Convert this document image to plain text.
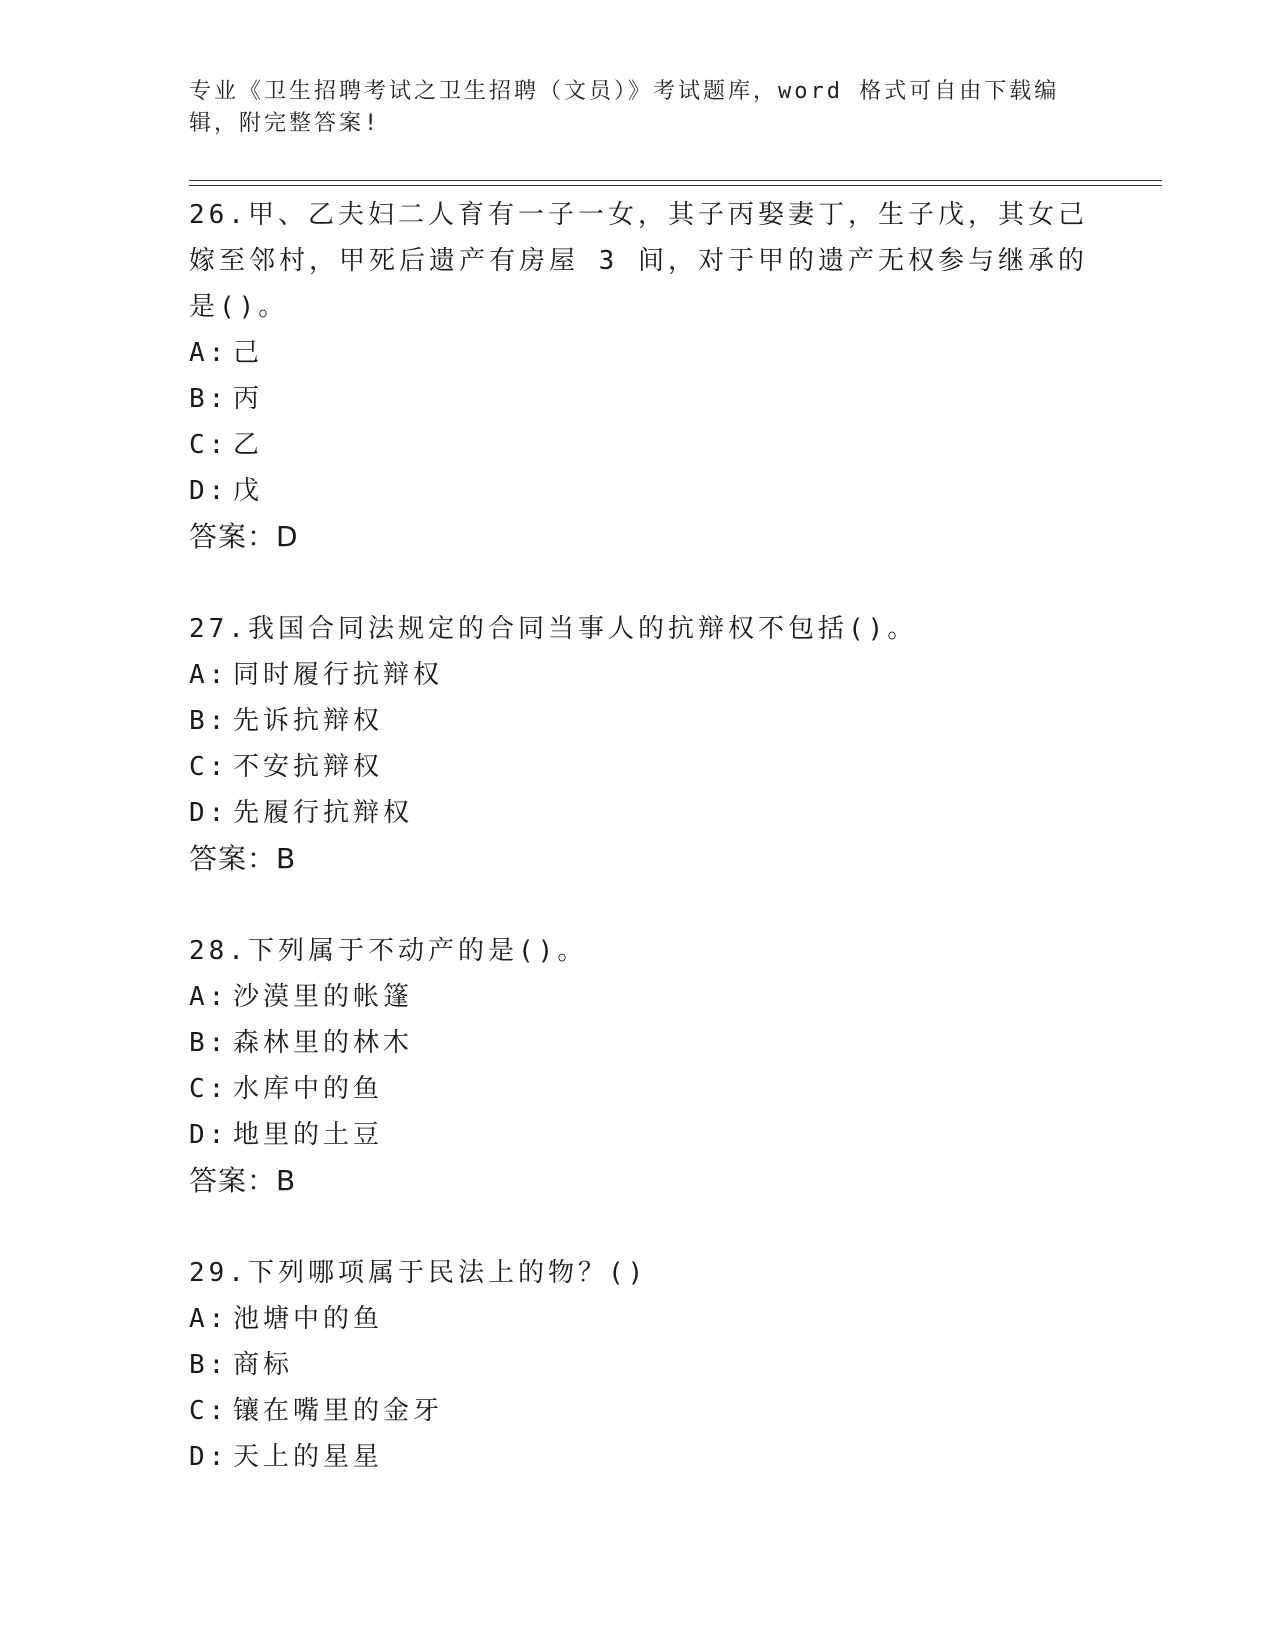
专业《卫生招聘考试之卫生招聘（文员）》考试题库，word 格式可自由下载编辑，附完整答案!
26.甲、乙夫妇二人育有一子一女，其子丙娶妻丁，生子戊，其女己嫁至邻村，甲死后遗产有房屋 3 间，对于甲的遗产无权参与继承的是()。
A: 己
B: 丙
C: 乙
D: 戊
答案：D
27.我国合同法规定的合同当事人的抗辩权不包括()。
A: 同时履行抗辩权
B: 先诉抗辩权
C: 不安抗辩权
D: 先履行抗辩权
答案：B
28.下列属于不动产的是()。
A: 沙漠里的帐篷
B: 森林里的林木
C: 水库中的鱼
D: 地里的土豆
答案：B
29.下列哪项属于民法上的物？()
A: 池塘中的鱼
B: 商标
C: 镶在嘴里的金牙
D: 天上的星星
